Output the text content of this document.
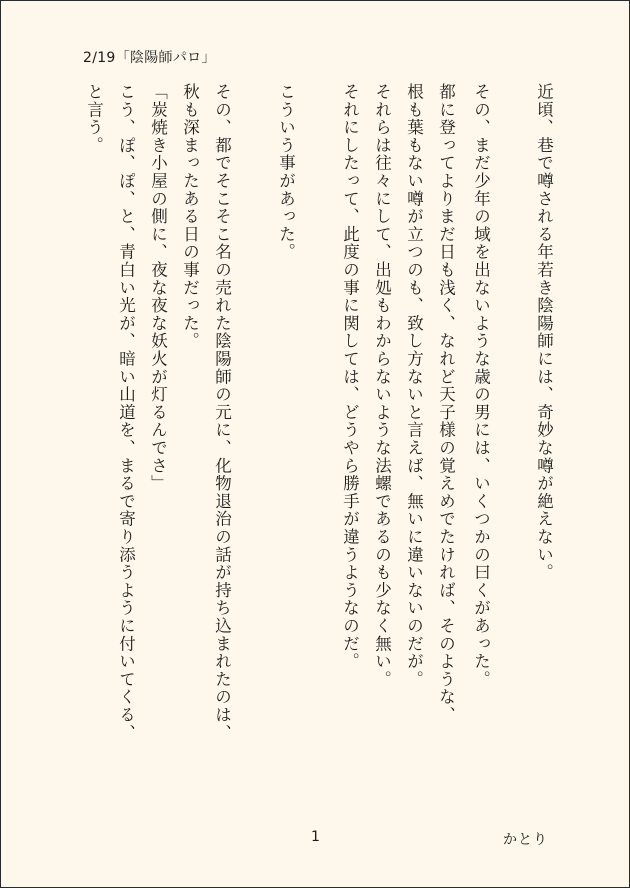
2/19「陰陽師パロ」
近頃、巷で噂される年若き陰陽師には、奇妙な噂が絶えない。
その、まだ少年の域を出ないような歳の男には、いくつかの曰くがあった。
都に登ってよりまだ日も浅く、なれど天子様の覚えめでたければ、そのような、
根も葉もない噂が立つのも、致し方ないと言えば、無いに違いないのだが。
それらは往々にして、出処もわからないような法螺であるのも少なく無い。
それにしたって、此度の事に関しては、どうやら勝手が違うようなのだ。
こういう事があった。
その、都でそこそこ名の売れた陰陽師の元に、化物退治の話が持ち込まれたのは、
秋も深まったある日の事だった。
「炭焼き小屋の側に、夜な夜な妖火が灯るんでさ」
こう、ぽ、ぽ、と、青白い光が、暗い山道を、まるで寄り添うように付いてくる、
と言う。
1	かとり
